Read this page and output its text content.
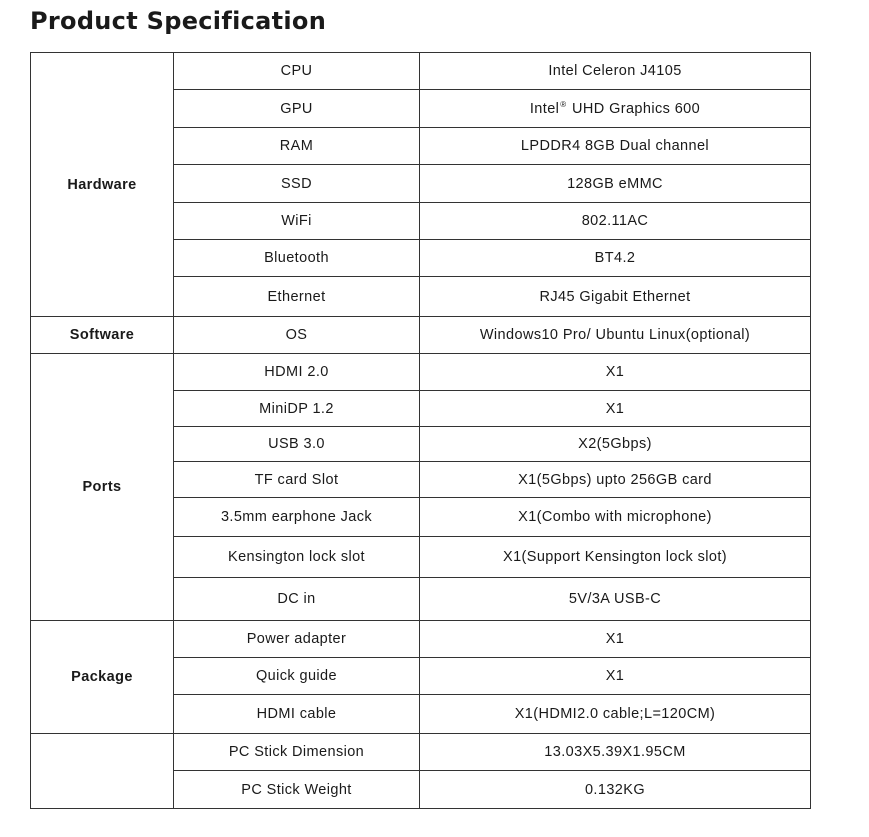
Product Specification
Hardware	CPU	Intel Celeron J4105
	GPU	Intel® UHD Graphics 600
	RAM	LPDDR4 8GB Dual channel
	SSD	128GB eMMC
	WiFi	802.11AC
	Bluetooth	BT4.2
	Ethernet	RJ45 Gigabit Ethernet
Software	OS	Windows10 Pro/ Ubuntu Linux(optional)
Ports	HDMI 2.0	X1
	MiniDP 1.2	X1
	USB 3.0	X2(5Gbps)
	TF card Slot	X1(5Gbps) upto 256GB card
	3.5mm earphone Jack	X1(Combo with microphone)
	Kensington lock slot	X1(Support Kensington lock slot)
	DC in	5V/3A USB-C
Package	Power adapter	X1
	Quick guide	X1
	HDMI cable	X1(HDMI2.0 cable;L=120CM)
	PC Stick Dimension	13.03X5.39X1.95CM
	PC Stick Weight	0.132KG
